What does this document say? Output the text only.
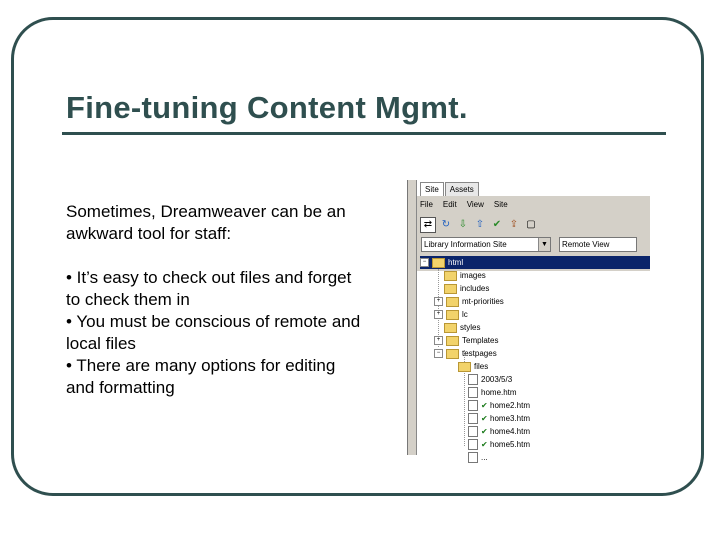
Fine-tuning Content Mgmt.

Sometimes, Dreamweaver can be an awkward tool for staff:

• It’s easy to check out files and forget to check them in

• You must be conscious of remote and local files

• There are many options for editing and formatting

Site	Assets
File Edit View Site
⇄ ↻ ⇩ ⇧ ✔ ⇪ ▢
Library Information Site	▼	Remote View
−	html
images
includes
+	mt-priorities
+	lc
styles
+	Templates
−	testpages
files
2003/5/3
home.htm
✔ home2.htm
✔ home3.htm
✔ home4.htm
✔ home5.htm
...
